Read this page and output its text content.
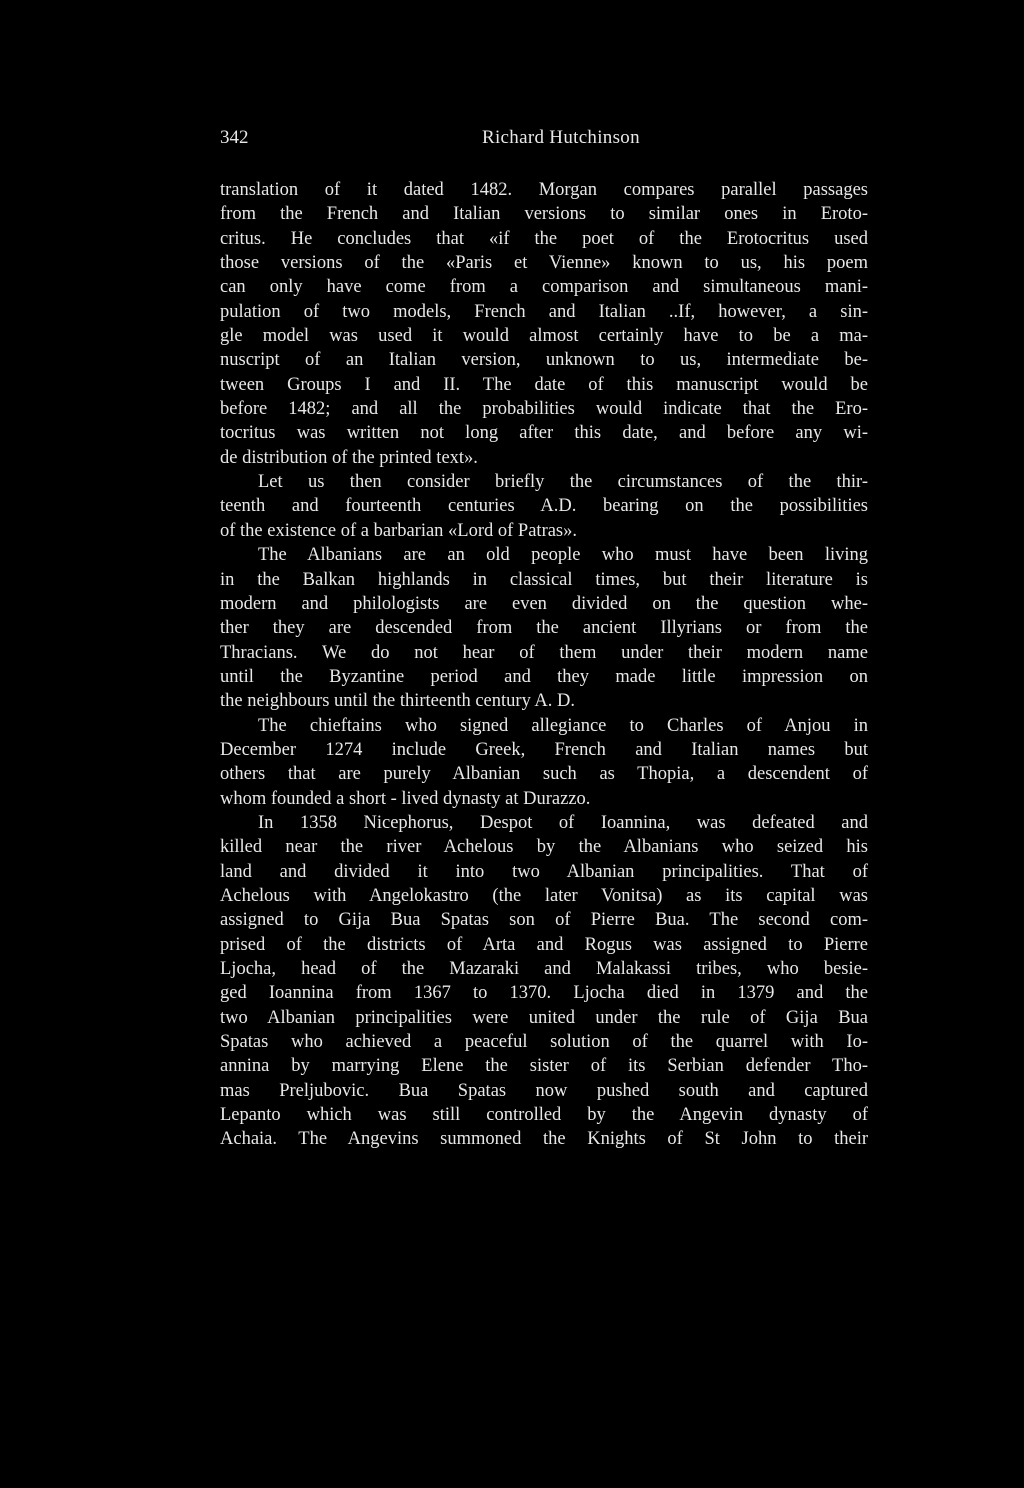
342	Richard Hutchinson
translation of it dated 1482. Morgan compares parallel passages
from the French and Italian versions to similar ones in Eroto-
critus. He concludes that «if the poet of the Erotocritus used
those versions of the «Paris et Vienne» known to us, his poem
can only have come from a comparison and simultaneous mani-
pulation of two models, French and Italian ..If, however, a sin-
gle model was used it would almost certainly have to be a ma-
nuscript of an Italian version, unknown to us, intermediate be-
tween Groups I and II. The date of this manuscript would be
before 1482; and all the probabilities would indicate that the Ero-
tocritus was written not long after this date, and before any wi-
de distribution of the printed text».
Let us then consider briefly the circumstances of the thir-
teenth and fourteenth centuries A.D. bearing on the possibilities
of the existence of a barbarian «Lord of Patras».
The Albanians are an old people who must have been living
in the Balkan highlands in classical times, but their literature is
modern and philologists are even divided on the question whe-
ther they are descended from the ancient Illyrians or from the
Thracians. We do not hear of them under their modern name
until the Byzantine period and they made little impression on
the neighbours until the thirteenth century A. D.
The chieftains who signed allegiance to Charles of Anjou in
December 1274 include Greek, French and Italian names but
others that are purely Albanian such as Thopia, a descendent of
whom founded a short - lived dynasty at Durazzo.
In 1358 Nicephorus, Despot of Ioannina, was defeated and
killed near the river Achelous by the Albanians who seized his
land and divided it into two Albanian principalities. That of
Achelous with Angelokastro (the later Vonitsa) as its capital was
assigned to Gija Bua Spatas son of Pierre Bua. The second com-
prised of the districts of Arta and Rogus was assigned to Pierre
Ljocha, head of the Mazaraki and Malakassi tribes, who besie-
ged Ioannina from 1367 to 1370. Ljocha died in 1379 and the
two Albanian principalities were united under the rule of Gija Bua
Spatas who achieved a peaceful solution of the quarrel with Io-
annina by marrying Elene the sister of its Serbian defender Tho-
mas Preljubovic. Bua Spatas now pushed south and captured
Lepanto which was still controlled by the Angevin dynasty of
Achaia. The Angevins summoned the Knights of St John to their
